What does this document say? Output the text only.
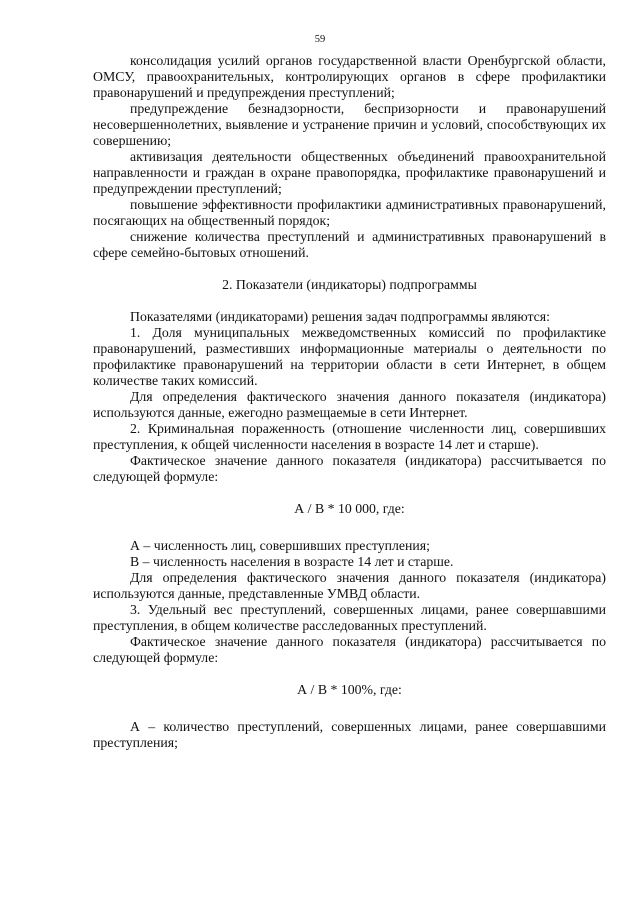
59

консолидация усилий органов государственной власти Оренбургской области, ОМСУ, правоохранительных, контролирующих органов в сфере профилактики правонарушений и предупреждения преступлений;

предупреждение безнадзорности, беспризорности и правонарушений несовершеннолетних, выявление и устранение причин и условий, способствующих их совершению;

активизация деятельности общественных объединений правоохранительной направленности и граждан в охране правопорядка, профилактике правонарушений и предупреждении преступлений;

повышение эффективности профилактики административных правонарушений, посягающих на общественный порядок;

снижение количества преступлений и административных правонарушений в сфере семейно-бытовых отношений.

2. Показатели (индикаторы) подпрограммы

Показателями (индикаторами) решения задач подпрограммы являются:

1. Доля муниципальных межведомственных комиссий по профилактике правонарушений, разместивших информационные материалы о деятельности по профилактике правонарушений на территории области в сети Интернет, в общем количестве таких комиссий.

Для определения фактического значения данного показателя (индикатора) используются данные, ежегодно размещаемые в сети Интернет.

2. Криминальная пораженность (отношение численности лиц, совершивших преступления, к общей численности населения в возрасте 14 лет и старше).

Фактическое значение данного показателя (индикатора) рассчитывается по следующей формуле:

А / В * 10 000, где:

А – численность лиц, совершивших преступления;

В – численность населения в возрасте 14 лет и старше.

Для определения фактического значения данного показателя (индикатора) используются данные, представленные УМВД области.

3. Удельный вес преступлений, совершенных лицами, ранее совершавшими преступления, в общем количестве расследованных преступлений.

Фактическое значение данного показателя (индикатора) рассчитывается по следующей формуле:

А / В * 100%, где:

А – количество преступлений, совершенных лицами, ранее совершавшими преступления;
